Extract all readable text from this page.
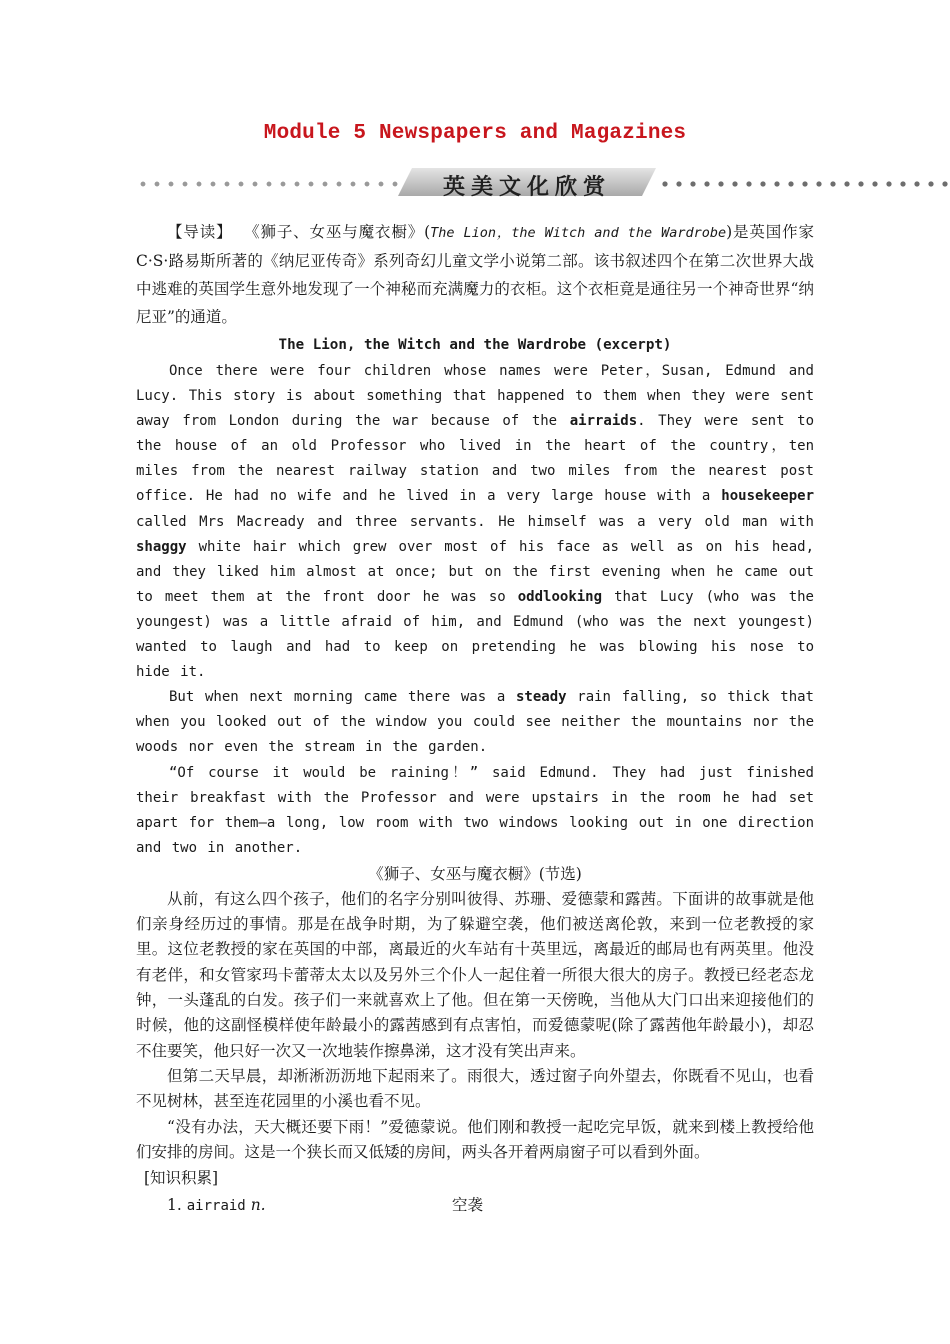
Module 5 Newspapers and Magazines
英美文化欣赏

【导读】 《狮子、女巫与魔衣橱》(The Lion，the Witch and the Wardrobe)是英国作家C·S·路易斯所著的《纳尼亚传奇》系列奇幻儿童文学小说第二部。该书叙述四个在第二次世界大战中逃难的英国学生意外地发现了一个神秘而充满魔力的衣柜。这个衣柜竟是通往另一个神奇世界“纳尼亚”的通道。

The Lion, the Witch and the Wardrobe (excerpt)

Once there were four children whose names were Peter，Susan, Edmund and Lucy. This story is about something that happened to them when they were sent away from London during the war because of the airraids. They were sent to the house of an old Professor who lived in the heart of the country，ten miles from the nearest railway station and two miles from the nearest post office. He had no wife and he lived in a very large house with a housekeeper called Mrs Macready and three servants. He himself was a very old man with shaggy white hair which grew over most of his face as well as on his head, and they liked him almost at once; but on the first evening when he came out to meet them at the front door he was so oddlooking that Lucy (who was the youngest) was a little afraid of him, and Edmund (who was the next youngest) wanted to laugh and had to keep on pretending he was blowing his nose to hide it.

But when next morning came there was a steady rain falling, so thick that when you looked out of the window you could see neither the mountains nor the woods nor even the stream in the garden.

“Of course it would be raining！” said Edmund. They had just finished their breakfast with the Professor and were upstairs in the room he had set apart for them—a long, low room with two windows looking out in one direction and two in another.

《狮子、女巫与魔衣橱》(节选)

从前，有这么四个孩子，他们的名字分别叫彼得、苏珊、爱德蒙和露茜。下面讲的故事就是他们亲身经历过的事情。那是在战争时期，为了躲避空袭，他们被送离伦敦，来到一位老教授的家里。这位老教授的家在英国的中部，离最近的火车站有十英里远，离最近的邮局也有两英里。他没有老伴，和女管家玛卡蕾蒂太太以及另外三个仆人一起住着一所很大很大的房子。教授已经老态龙钟，一头蓬乱的白发。孩子们一来就喜欢上了他。但在第一天傍晚，当他从大门口出来迎接他们的时候，他的这副怪模样使年龄最小的露茜感到有点害怕，而爱德蒙呢(除了露茜他年龄最小)，却忍不住要笑，他只好一次又一次地装作擦鼻涕，这才没有笑出声来。

但第二天早晨，却淅淅沥沥地下起雨来了。雨很大，透过窗子向外望去，你既看不见山，也看不见树林，甚至连花园里的小溪也看不见。

“没有办法，天大概还要下雨！”爱德蒙说。他们刚和教授一起吃完早饭，就来到楼上教授给他们安排的房间。这是一个狭长而又低矮的房间，两头各开着两扇窗子可以看到外面。

[知识积累]

1. airraid n.	空袭
